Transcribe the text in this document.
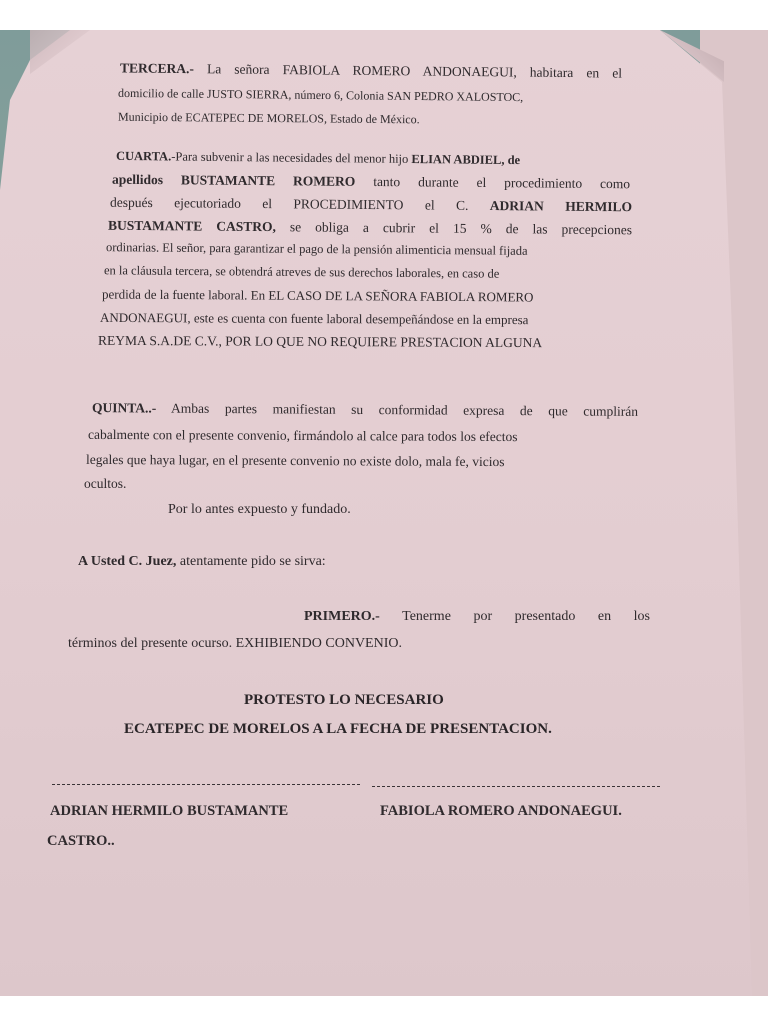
TERCERA.- La señora FABIOLA ROMERO ANDONAEGUI, habitara en el
domicilio de calle JUSTO SIERRA, número 6, Colonia SAN PEDRO XALOSTOC,
Municipio de ECATEPEC DE MORELOS, Estado de México.
CUARTA.-Para subvenir a las necesidades del menor hijo ELIAN ABDIEL, de
apellidos BUSTAMANTE ROMERO tanto durante el procedimiento como
después ejecutoriado el PROCEDIMIENTO el C. ADRIAN HERMILO
BUSTAMANTE CASTRO, se obliga a cubrir el 15 % de las precepciones
ordinarias. El señor, para garantizar el pago de la pensión alimenticia mensual fijada
en la cláusula tercera, se obtendrá atreves de sus derechos laborales, en caso de
perdida de la fuente laboral. En EL CASO DE LA SEÑORA FABIOLA ROMERO
ANDONAEGUI, este es cuenta con fuente laboral desempeñándose en la empresa
REYMA S.A.DE C.V., POR LO QUE NO REQUIERE PRESTACION ALGUNA
QUINTA..- Ambas partes manifiestan su conformidad expresa de que cumplirán
cabalmente con el presente convenio, firmándolo al calce para todos los efectos
legales que haya lugar, en el presente convenio no existe dolo, mala fe, vicios
ocultos.
Por lo antes expuesto y fundado.
A Usted C. Juez, atentamente pido se sirva:
PRIMERO.- Tenerme por presentado en los
términos del presente ocurso. EXHIBIENDO CONVENIO.
PROTESTO LO NECESARIO
ECATEPEC DE MORELOS A LA FECHA DE PRESENTACION.
ADRIAN HERMILO BUSTAMANTE
CASTRO..
FABIOLA ROMERO ANDONAEGUI.
